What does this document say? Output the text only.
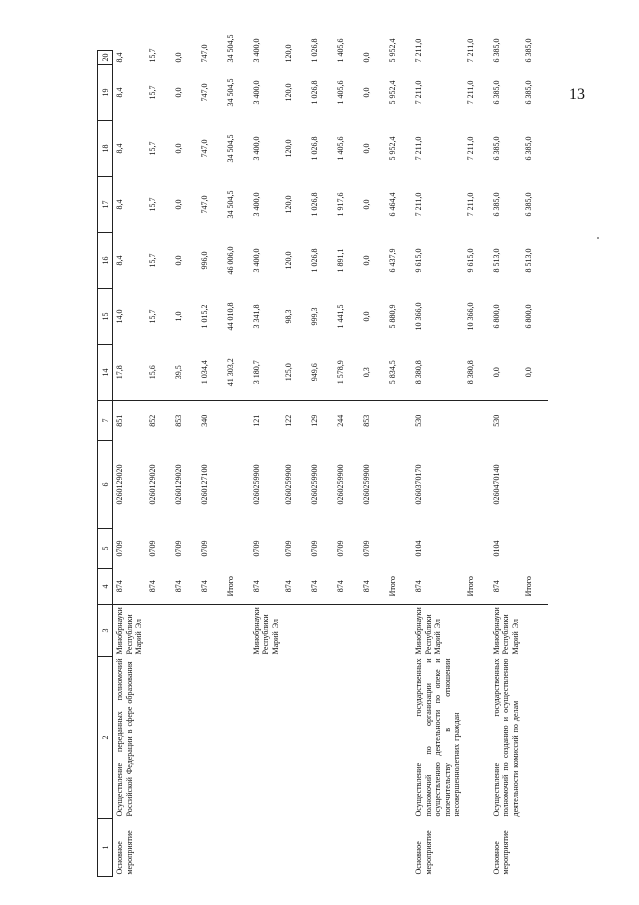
13
1	2	3	4	5	6	7	14	15	16	17	18	19	20
Основное мероприятие	Осуществление переданных полномочий Российской Федерации в сфере образования	Минобрнауки Республики Марий Эл	874	0709	0260129020	851	17,8	14,0	8,4	8,4	8,4	8,4	8,4
			874	0709	0260129020	852	15,6	15,7	15,7	15,7	15,7	15,7	15,7
			874	0709	0260129020	853	39,5	1,0	0,0	0,0	0,0	0,0	0,0
			874	0709	0260127100	340	1 034,4	1 015,2	996,0	747,0	747,0	747,0	747,0
			Итого				41 303,2	44 010,8	46 006,0	34 504,5	34 504,5	34 504,5	34 504,5
		Минобрнауки Республики Марий Эл	874	0709	0260259900	121	3 180,7	3 341,8	3 400,0	3 400,0	3 400,0	3 400,0	3 400,0
			874	0709	0260259900	122	125,0	98,3	120,0	120,0	120,0	120,0	120,0
			874	0709	0260259900	129	949,6	999,3	1 026,8	1 026,8	1 026,8	1 026,8	1 026,8
			874	0709	0260259900	244	1 578,9	1 441,5	1 891,1	1 917,6	1 405,6	1 405,6	1 405,6
			874	0709	0260259900	853	0,3	0,0	0,0	0,0	0,0	0,0	0,0
			Итого				5 834,5	5 880,9	6 437,9	6 464,4	5 952,4	5 952,4	5 952,4
Основное мероприятие	Осуществление государственных полномочий по организации и осуществлению деятельности по опеке и попечительству в отношении несовершеннолетних граждан	Минобрнауки Республики Марий Эл	874	0104	0260370170	530	8 380,8	10 366,0	9 615,0	7 211,0	7 211,0	7 211,0	7 211,0
			Итого				8 380,8	10 366,0	9 615,0	7 211,0	7 211,0	7 211,0	7 211,0
Основное мероприятие	Осуществление государственных полномочий по созданию и осуществлению деятельности комиссий по делам	Минобрнауки Республики Марий Эл	874	0104	0260470140	530	0,0	6 800,0	8 513,0	6 385,0	6 385,0	6 385,0	6 385,0
			Итого				0,0	6 800,0	8 513,0	6 385,0	6 385,0	6 385,0	6 385,0
